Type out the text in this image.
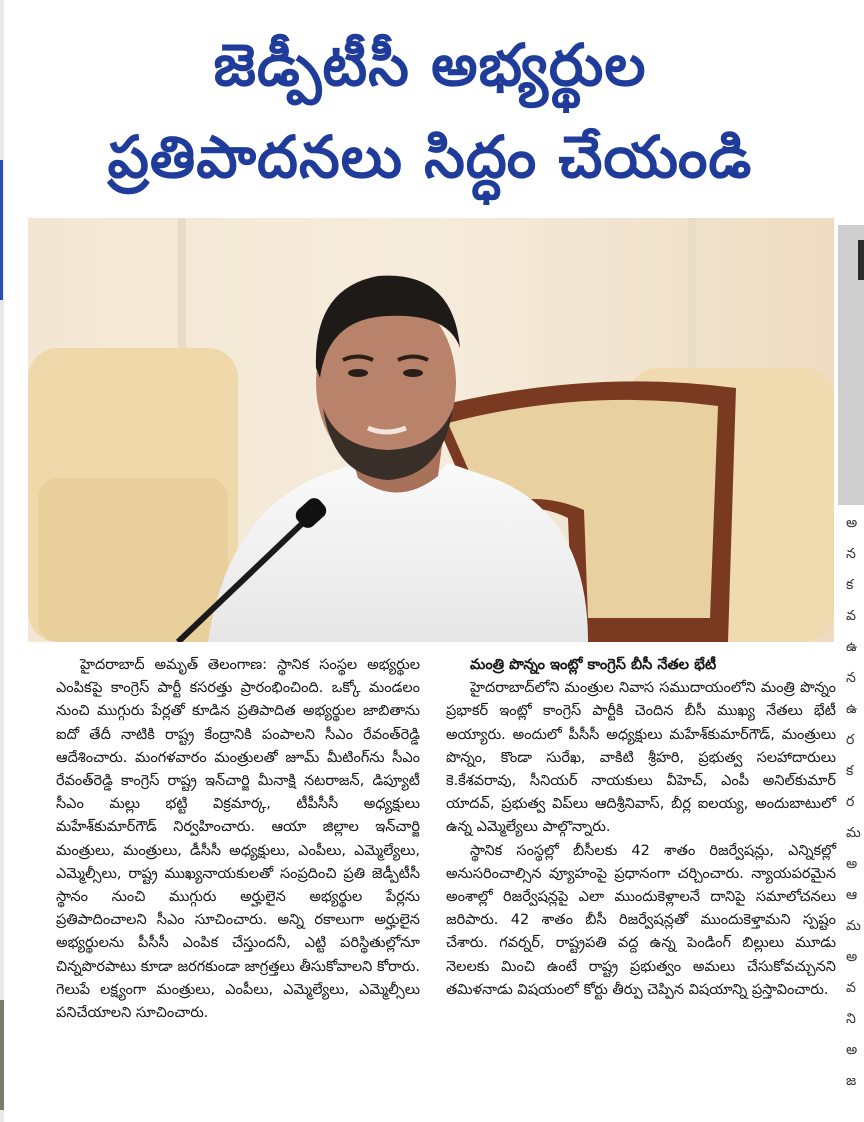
జెడ్పీటీసీ అభ్యర్థుల
ప్రతిపాదనలు సిద్ధం చేయండి

హైదరాబాద్ అమృత్ తెలంగాణ: స్థానిక సంస్థల అభ్యర్థుల ఎంపికపై కాంగ్రెస్ పార్టీ కసరత్తు ప్రారంభించింది. ఒక్కో మండలం నుంచి ముగ్గురు పేర్లతో కూడిన ప్రతిపాదిత అభ్యర్థుల జాబితాను ఐదో తేదీ నాటికి రాష్ట్ర కేంద్రానికి పంపాలని సీఎం రేవంత్‌రెడ్డి ఆదేశించారు. మంగళవారం మంత్రులతో జూమ్ మీటింగ్‌ను సీఎం రేవంత్‌రెడ్డి కాంగ్రెస్ రాష్ట్ర ఇన్‌చార్జి మీనాక్షి నటరాజన్, డిప్యూటీ సీఎం మల్లు భట్టి విక్రమార్క, టీపీసీసీ అధ్యక్షులు మహేశ్‌కుమార్‌గౌడ్ నిర్వహించారు. ఆయా జిల్లాల ఇన్‌చార్జి మంత్రులు, మంత్రులు, డీసీసీ అధ్యక్షులు, ఎంపీలు, ఎమ్మెల్యేలు, ఎమ్మెల్సీలు, రాష్ట్ర ముఖ్యనాయకులతో సంప్రదించి ప్రతి జెడ్పీటీసీ స్థానం నుంచి ముగ్గురు అర్హులైన అభ్యర్థుల పేర్లను ప్రతిపాదించాలని సీఎం సూచించారు. అన్ని రకాలుగా అర్హులైన అభ్యర్థులను పీసీసీ ఎంపిక చేస్తుందనీ, ఎట్టి పరిస్థితుల్లోనూ చిన్నపొరపాటు కూడా జరగకుండా జాగ్రత్తలు తీసుకోవాలని కోరారు. గెలుపే లక్ష్యంగా మంత్రులు, ఎంపీలు, ఎమ్మెల్యేలు, ఎమ్మెల్సీలు పనిచేయాలని సూచించారు.

మంత్రి పొన్నం ఇంట్లో కాంగ్రెస్ బీసీ నేతల భేటీ

హైదరాబాద్‌లోని మంత్రుల నివాస సముదాయంలోని మంత్రి పొన్నం ప్రభాకర్ ఇంట్లో కాంగ్రెస్ పార్టీకి చెందిన బీసీ ముఖ్య నేతలు భేటీ అయ్యారు. అందులో పీసీసీ అధ్యక్షులు మహేశ్‌కుమార్‌గౌడ్, మంత్రులు పొన్నం, కొండా సురేఖ, వాకిటి శ్రీహరి, ప్రభుత్వ సలహాదారులు కె.కేశవరావు, సీనియర్ నాయకులు వీహెచ్, ఎంపీ అనిల్‌కుమార్ యాదవ్, ప్రభుత్వ విప్‌లు ఆది‌శ్రీనివాస్, బీర్ల ఐలయ్య, అందుబాటులో ఉన్న ఎమ్మెల్యేలు పాల్గొన్నారు.

స్థానిక సంస్థల్లో బీసీలకు 42 శాతం రిజర్వేషన్లు, ఎన్నికల్లో అనుసరించాల్సిన వ్యూహంపై ప్రధానంగా చర్చించారు. న్యాయపరమైన అంశాల్లో రిజర్వేషన్లపై ఎలా ముందుకెళ్లాలనే దానిపై సమాలోచనలు జరిపారు. 42 శాతం బీసీ రిజర్వేషన్లతో ముందుకెళ్తామని స్పష్టం చేశారు. గవర్నర్, రాష్ట్రపతి వద్ద ఉన్న పెండింగ్ బిల్లులు మూడు నెలలకు మించి ఉంటే రాష్ట్ర ప్రభుత్వం అమలు చేసుకోవచ్చునని తమిళనాడు విషయంలో కోర్టు తీర్పు చెప్పిన విషయాన్ని ప్రస్తావించారు.

అ
న
క
వ
ఉ
న
ఉ
ర
క
ర
మ
అ
ఆ
మ
అ
వ
ని
అ
జ
